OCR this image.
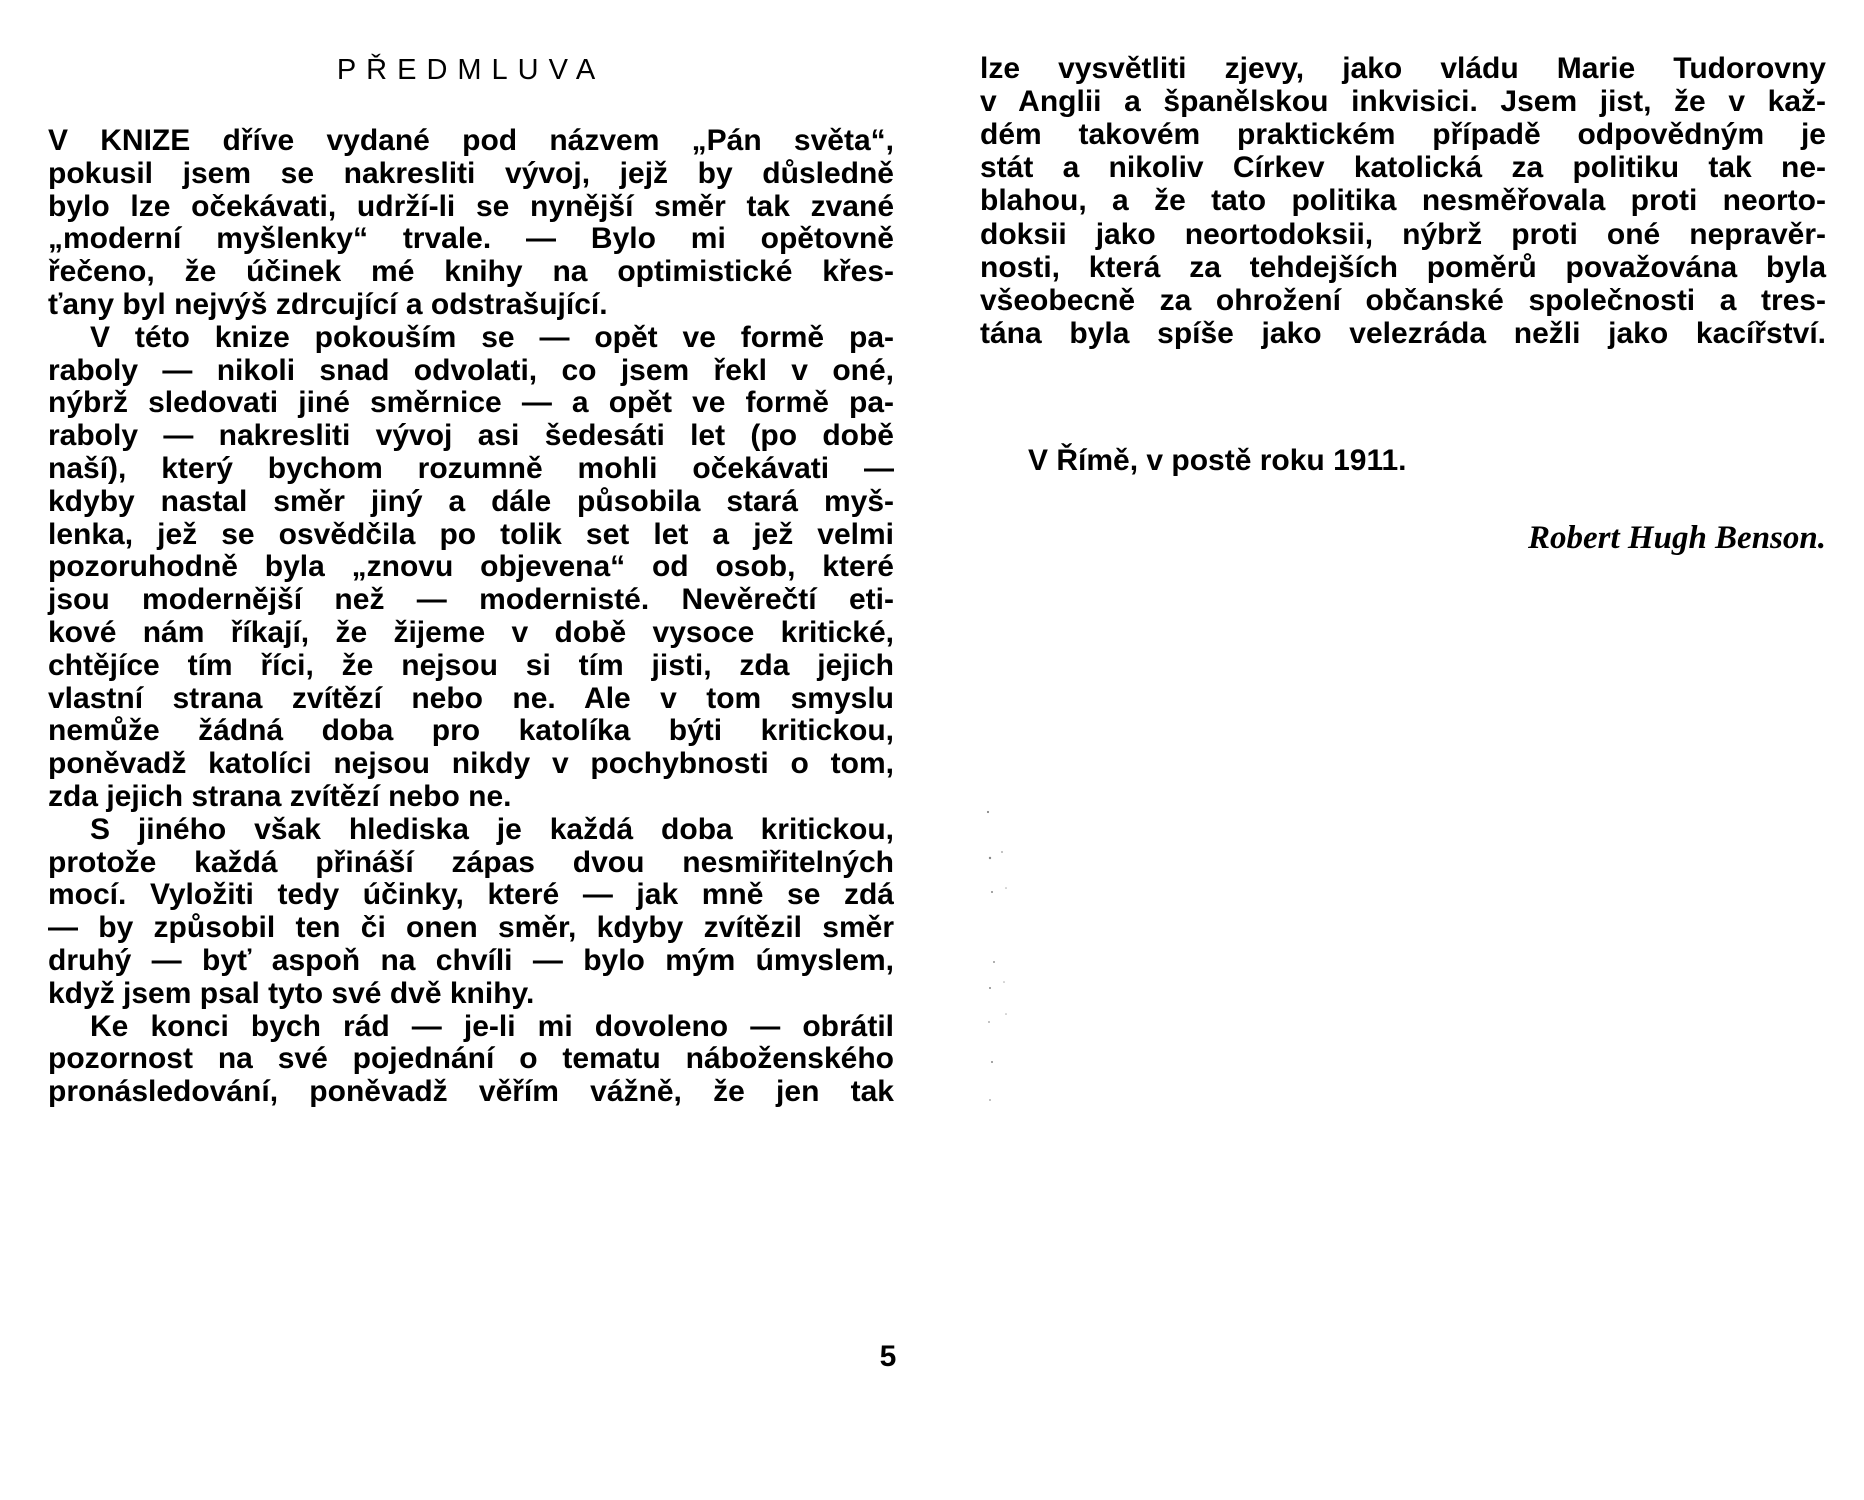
PŘEDMLUVA
V KNIZE dříve vydané pod názvem „Pán světa“,
pokusil jsem se nakresliti vývoj, jejž by důsledně
bylo lze očekávati, udrží-li se nynější směr tak zvané
„moderní myšlenky“ trvale. — Bylo mi opětovně
řečeno, že účinek mé knihy na optimistické křes-
ťany byl nejvýš zdrcující a odstrašující.
V této knize pokouším se — opět ve formě pa-
raboly — nikoli snad odvolati, co jsem řekl v oné,
nýbrž sledovati jiné směrnice — a opět ve formě pa-
raboly — nakresliti vývoj asi šedesáti let (po době
naší), který bychom rozumně mohli očekávati —
kdyby nastal směr jiný a dále působila stará myš-
lenka, jež se osvědčila po tolik set let a jež velmi
pozoruhodně byla „znovu objevena“ od osob, které
jsou modernější než — modernisté. Nevěrečtí eti-
kové nám říkají, že žijeme v době vysoce kritické,
chtějíce tím říci, že nejsou si tím jisti, zda jejich
vlastní strana zvítězí nebo ne. Ale v tom smyslu
nemůže žádná doba pro katolíka býti kritickou,
poněvadž katolíci nejsou nikdy v pochybnosti o tom,
zda jejich strana zvítězí nebo ne.
S jiného však hlediska je každá doba kritickou,
protože každá přináší zápas dvou nesmiřitelných
mocí. Vyložiti tedy účinky, které — jak mně se zdá
— by způsobil ten či onen směr, kdyby zvítězil směr
druhý — byť aspoň na chvíli — bylo mým úmyslem,
když jsem psal tyto své dvě knihy.
Ke konci bych rád — je-li mi dovoleno — obrátil
pozornost na své pojednání o tematu náboženského
pronásledování, poněvadž věřím vážně, že jen tak
5
lze vysvětliti zjevy, jako vládu Marie Tudorovny
v Anglii a španělskou inkvisici. Jsem jist, že v kaž-
dém takovém praktickém případě odpovědným je
stát a nikoliv Církev katolická za politiku tak ne-
blahou, a že tato politika nesměřovala proti neorto-
doksii jako neortodoksii, nýbrž proti oné nepravěr-
nosti, která za tehdejších poměrů považována byla
všeobecně za ohrožení občanské společnosti a tres-
tána byla spíše jako velezráda nežli jako kacířství.
V Římě, v postě roku 1911.
Robert Hugh Benson.
